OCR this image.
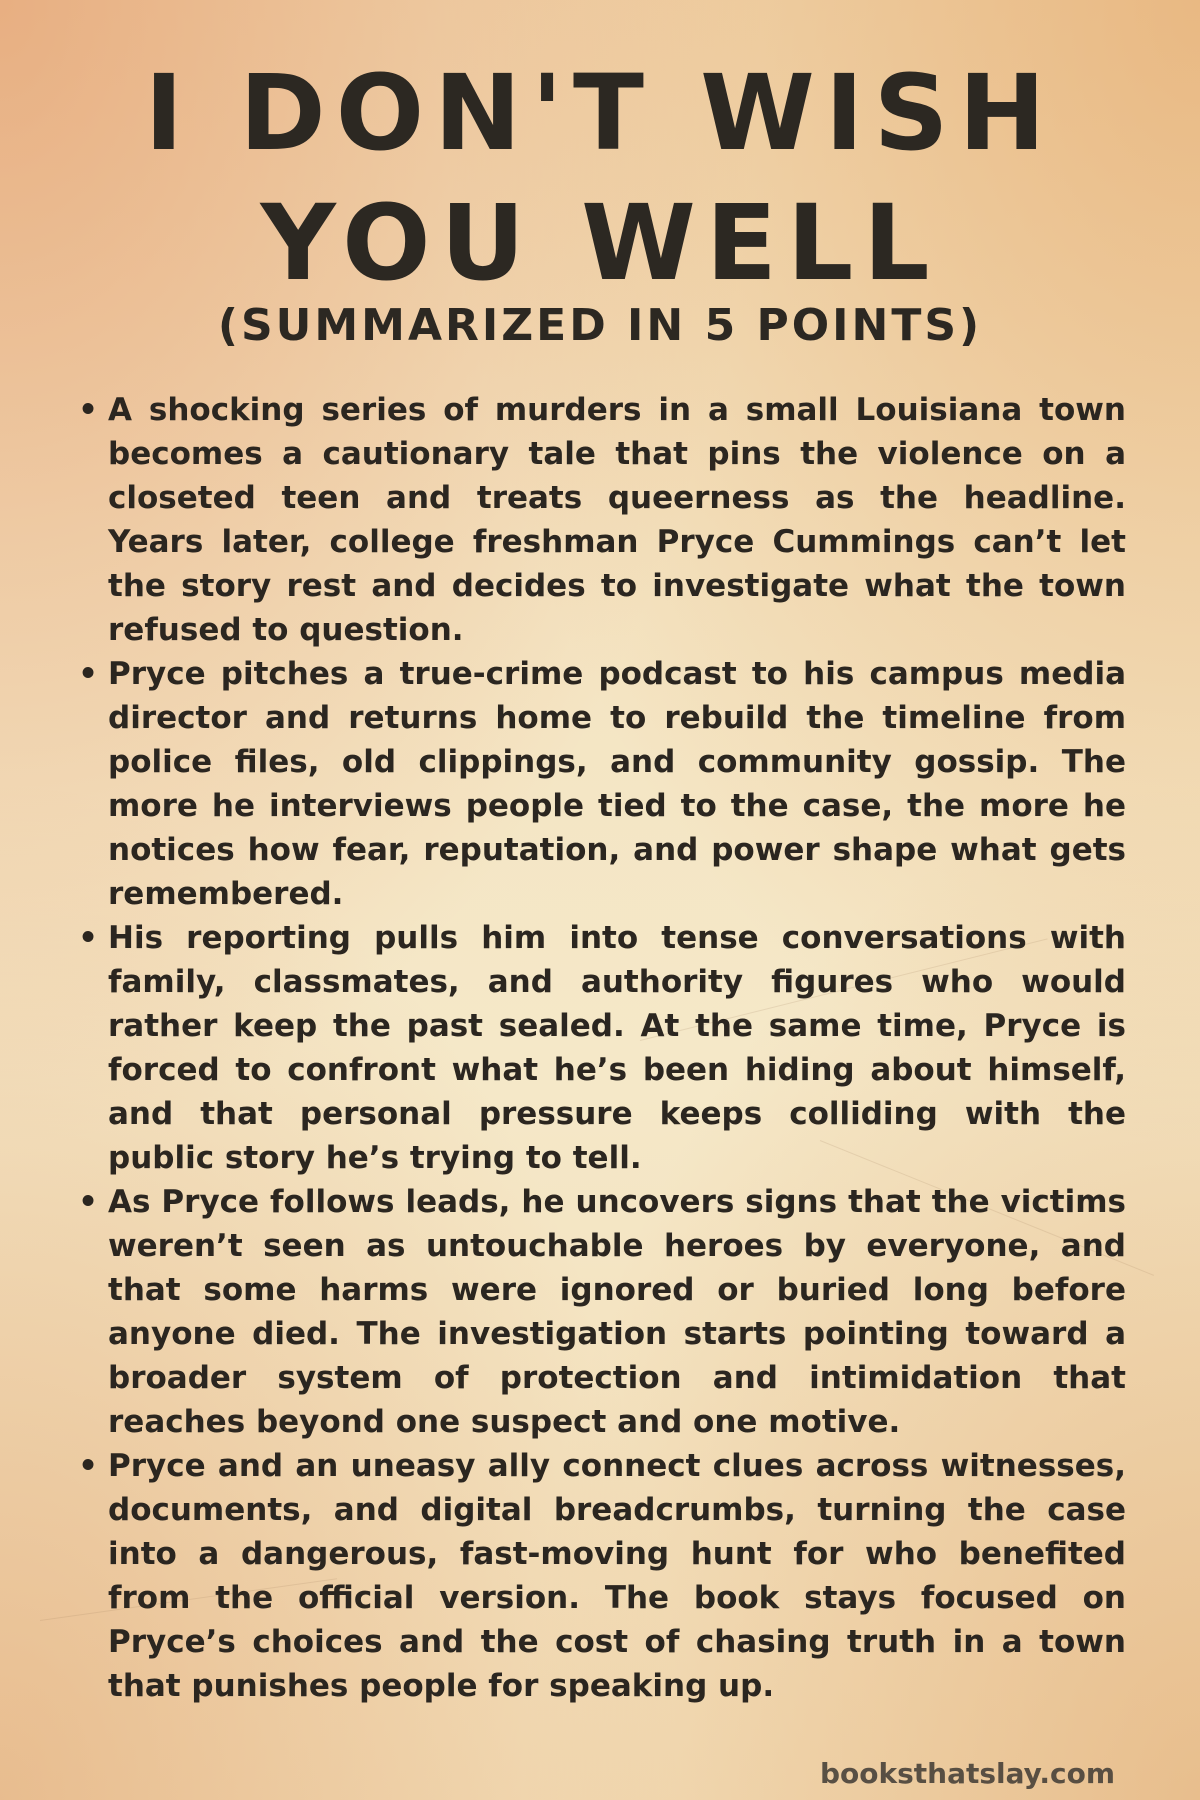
I DON'T WISH YOU WELL
(SUMMARIZED IN 5 POINTS)
• A shocking series of murders in a small Louisiana town becomes a cautionary tale that pins the violence on a closeted teen and treats queerness as the headline. Years later, college freshman Pryce Cummings can’t let the story rest and decides to investigate what the town refused to question.
• Pryce pitches a true-crime podcast to his campus media director and returns home to rebuild the timeline from police files, old clippings, and community gossip. The more he interviews people tied to the case, the more he notices how fear, reputation, and power shape what gets remembered.
• His reporting pulls him into tense conversations with family, classmates, and authority figures who would rather keep the past sealed. At the same time, Pryce is forced to confront what he’s been hiding about himself, and that personal pressure keeps colliding with the public story he’s trying to tell.
• As Pryce follows leads, he uncovers signs that the victims weren’t seen as untouchable heroes by everyone, and that some harms were ignored or buried long before anyone died. The investigation starts pointing toward a broader system of protection and intimidation that reaches beyond one suspect and one motive.
• Pryce and an uneasy ally connect clues across witnesses, documents, and digital breadcrumbs, turning the case into a dangerous, fast-moving hunt for who benefited from the official version. The book stays focused on Pryce’s choices and the cost of chasing truth in a town that punishes people for speaking up.

booksthatslay.com
